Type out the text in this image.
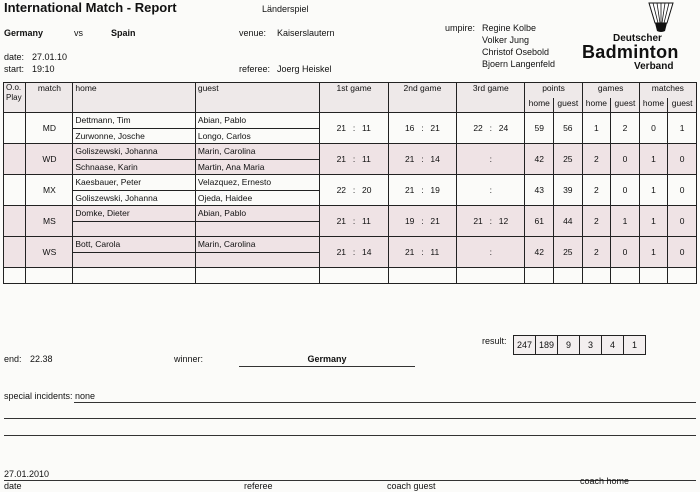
International Match - Report	Länderspiel
Germany	vs	Spain	venue: Kaiserslautern
date: 27.01.10
start: 19:10	referee: Joerg Heiskel
umpire: Regine Kolbe
Volker Jung
Christof Osebold
Bjoern Langenfeld
Deutscher
Badminton
Verband
O.o. Play	match	home	guest	1st game	2nd game	3rd game	points		games		matches	
							home	guest	home	guest	home	guest
	MD	Dettmann, Tim	Abian, Pablo	21 : 11	16 : 21	22 : 24	59	56	1	2	0	1
		Zurwonne, Josche	Longo, Carlos									
	WD	Goliszewski, Johanna	Marin, Carolina	21 : 11	21 : 14	:	42	25	2	0	1	0
		Schnaase, Karin	Martin, Ana Maria									
	MX	Kaesbauer, Peter	Velazquez, Ernesto	22 : 20	21 : 19	:	43	39	2	0	1	0
		Goliszewski, Johanna	Ojeda, Haidee									
	MS	Domke, Dieter	Abian, Pablo	21 : 11	19 : 21	21 : 12	61	44	2	1	1	0

	WS	Bott, Carola	Marin, Carolina	21 : 14	21 : 11	:	42	25	2	0	1	0

result: 247	189	9	3	4	1
end: 22.38	winner:	Germany
special incidents: none
27.01.2010
date	referee	coach guest	coach home
